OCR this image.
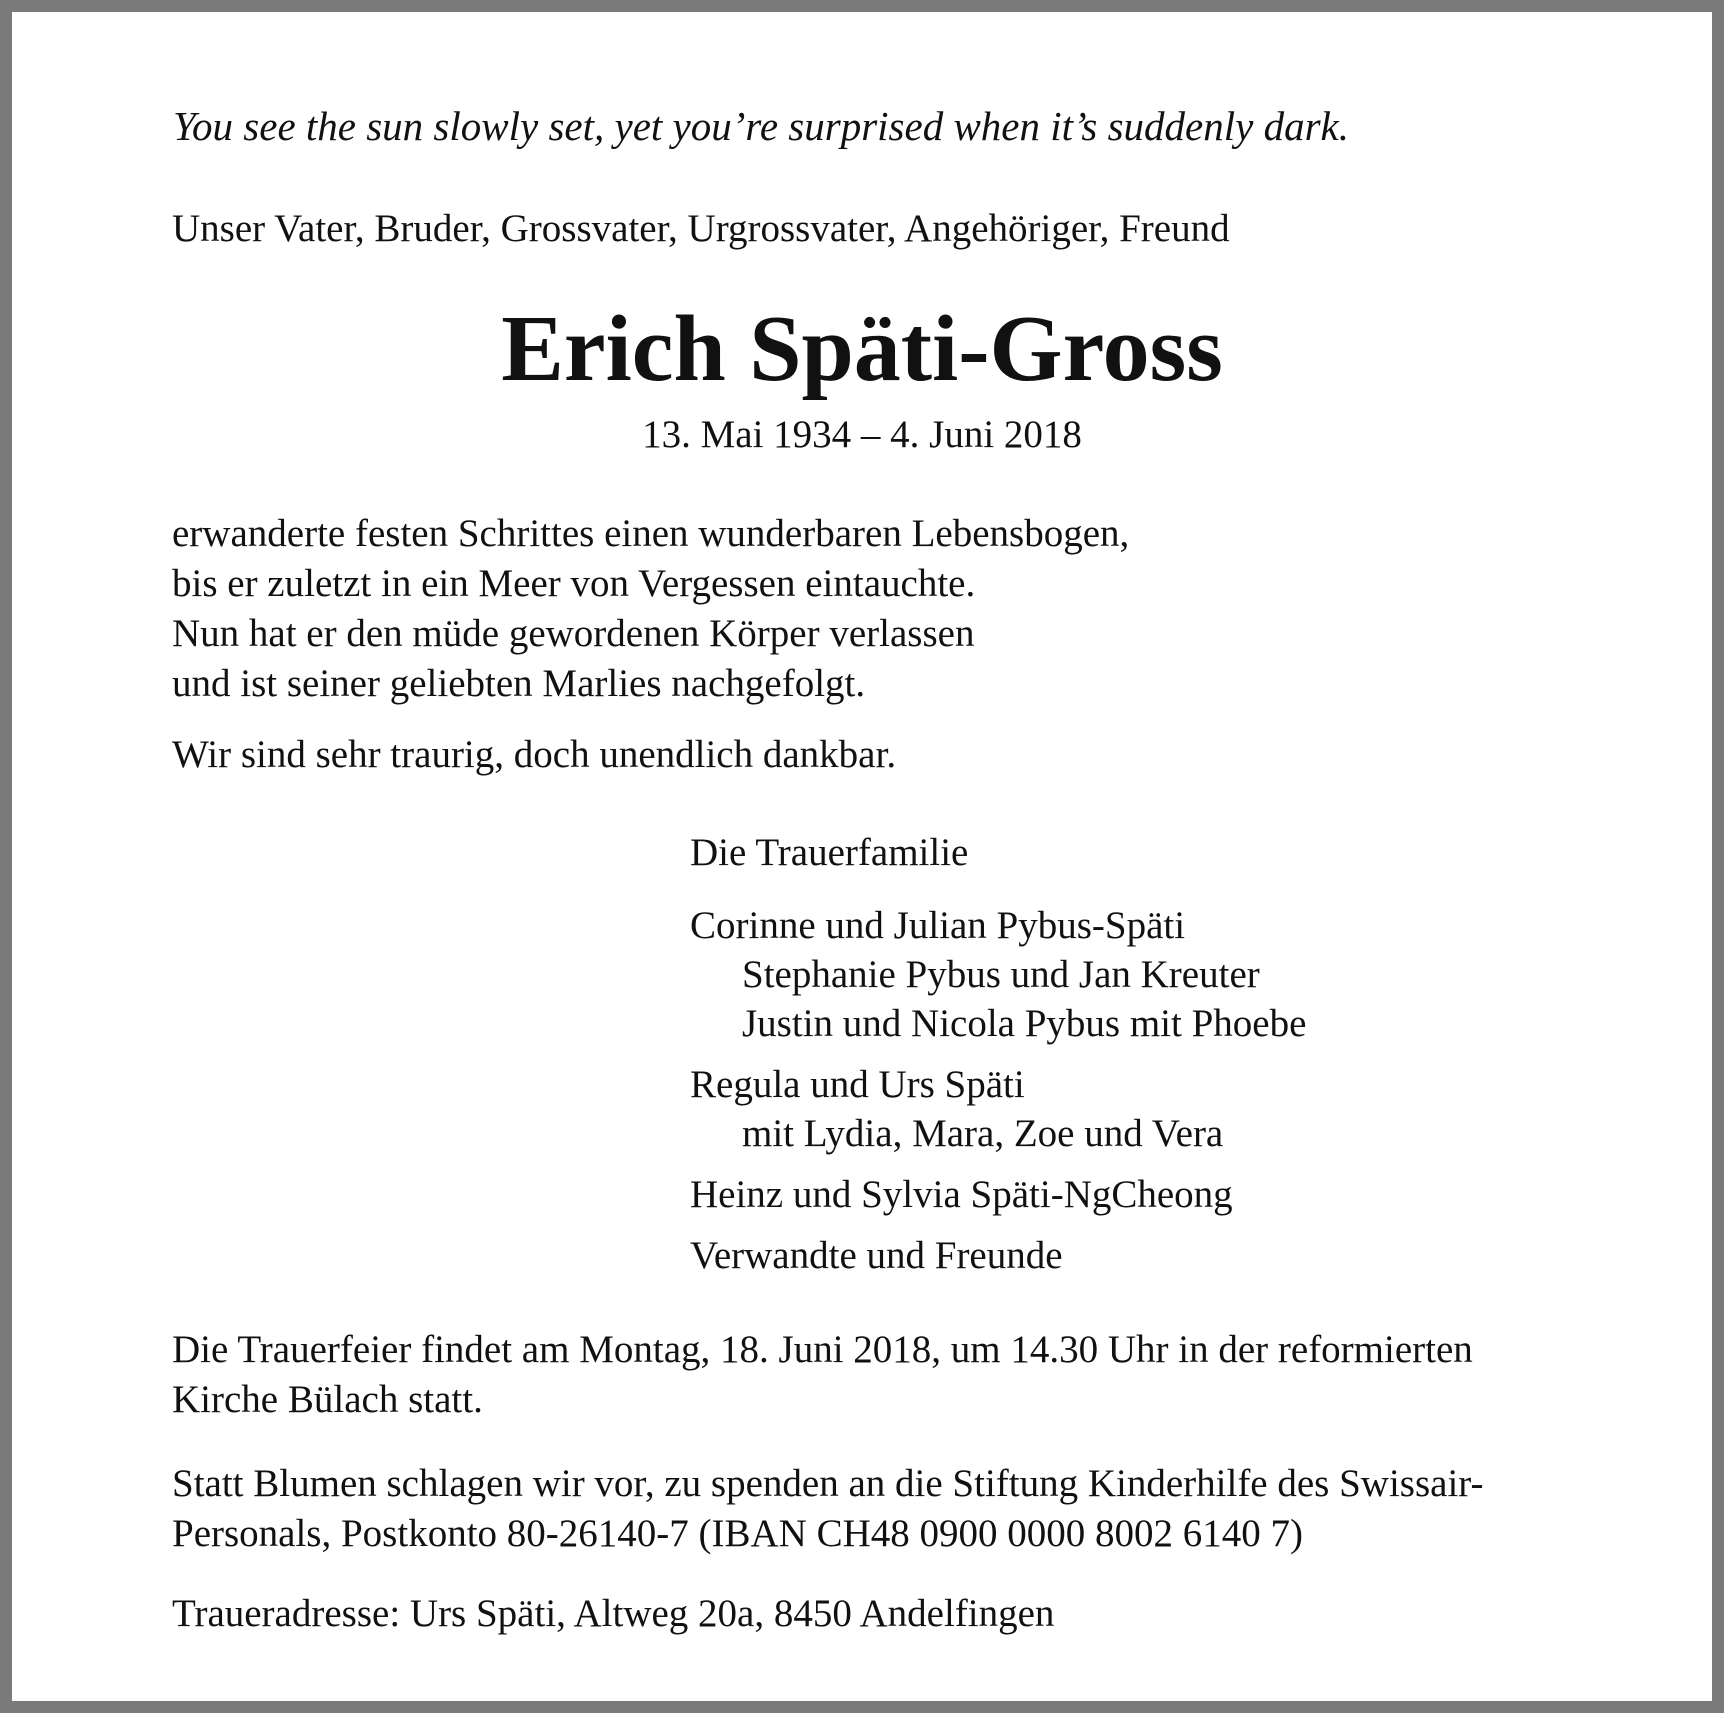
You see the sun slowly set, yet you’re surprised when it’s suddenly dark.

Unser Vater, Bruder, Grossvater, Urgrossvater, Angehöriger, Freund

Erich Späti-Gross

13. Mai 1934 – 4. Juni 2018

erwanderte festen Schrittes einen wunderbaren Lebensbogen,
bis er zuletzt in ein Meer von Vergessen eintauchte.
Nun hat er den müde gewordenen Körper verlassen
und ist seiner geliebten Marlies nachgefolgt.

Wir sind sehr traurig, doch unendlich dankbar.

Die Trauerfamilie

Corinne und Julian Pybus-Späti
Stephanie Pybus und Jan Kreuter
Justin und Nicola Pybus mit Phoebe
Regula und Urs Späti
mit Lydia, Mara, Zoe und Vera
Heinz und Sylvia Späti-NgCheong
Verwandte und Freunde
Die Trauerfeier findet am Montag, 18. Juni 2018, um 14.30 Uhr in der reformierten
Kirche Bülach statt.
Statt Blumen schlagen wir vor, zu spenden an die Stiftung Kinderhilfe des Swissair-
Personals, Postkonto 80-26140-7 (IBAN CH48 0900 0000 8002 6140 7)

Traueradresse: Urs Späti, Altweg 20a, 8450 Andelfingen
